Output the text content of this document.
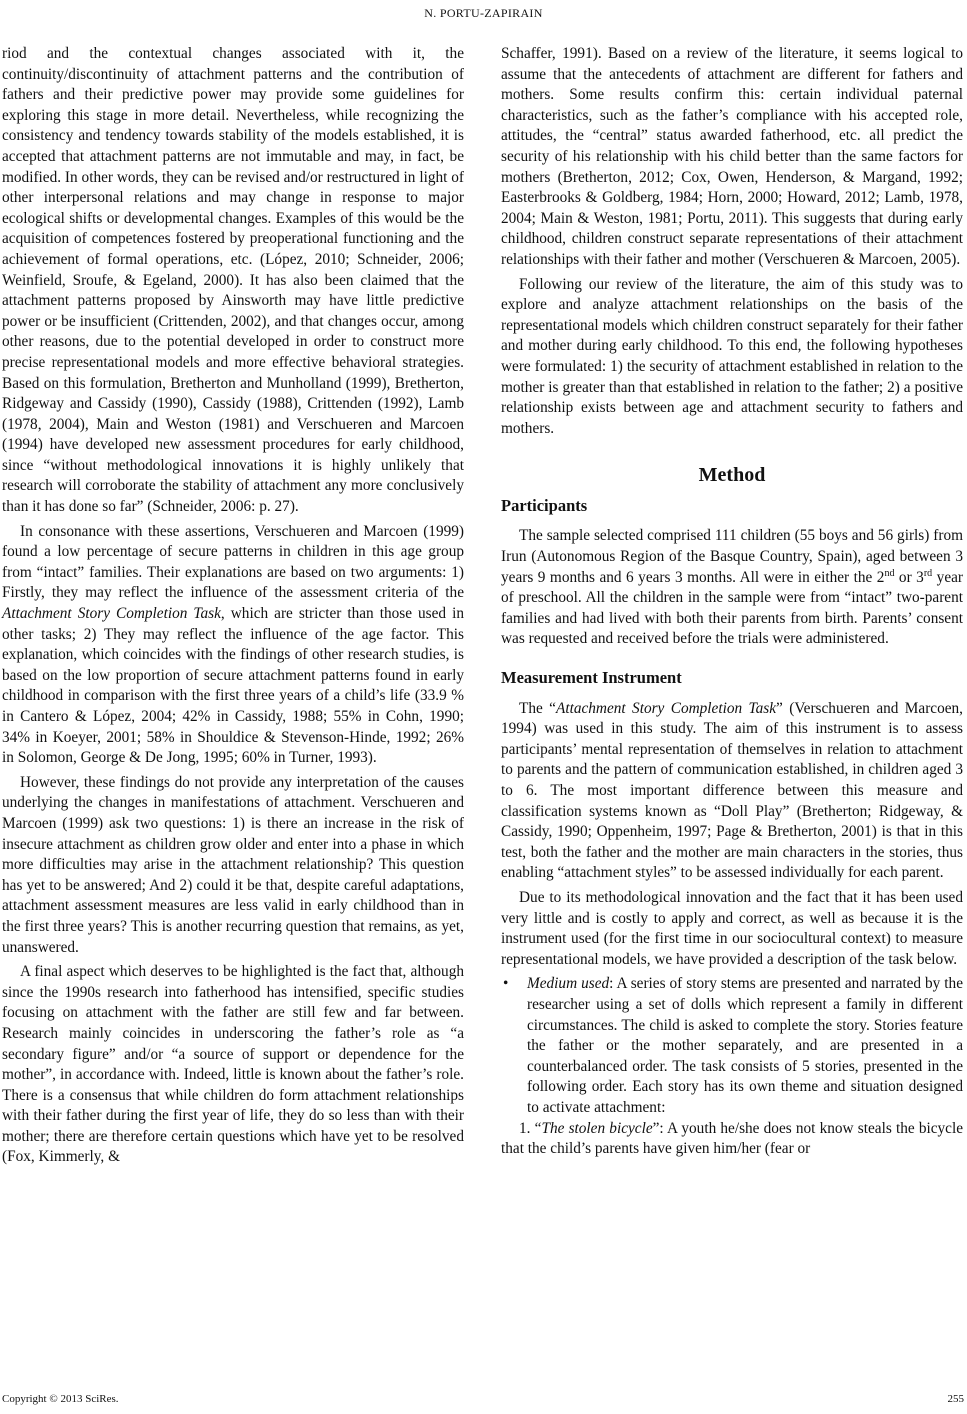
N. PORTU-ZAPIRAIN

riod and the contextual changes associated with it, the continuity/discontinuity of attachment patterns and the contribution of fathers and their predictive power may provide some guidelines for exploring this stage in more detail. Nevertheless, while recognizing the consistency and tendency towards stability of the models established, it is accepted that attachment patterns are not immutable and may, in fact, be modified. In other words, they can be revised and/or restructured in light of other interpersonal relations and may change in response to major ecological shifts or developmental changes. Examples of this would be the acquisition of competences fostered by preoperational functioning and the achievement of formal operations, etc. (López, 2010; Schneider, 2006; Weinfield, Sroufe, & Egeland, 2000). It has also been claimed that the attachment patterns proposed by Ainsworth may have little predictive power or be insufficient (Crittenden, 2002), and that changes occur, among other reasons, due to the potential developed in order to construct more precise representational models and more effective behavioral strategies. Based on this formulation, Bretherton and Munholland (1999), Bretherton, Ridgeway and Cassidy (1990), Cassidy (1988), Crittenden (1992), Lamb (1978, 2004), Main and Weston (1981) and Verschueren and Marcoen (1994) have developed new assessment procedures for early childhood, since “without methodological innovations it is highly unlikely that research will corroborate the stability of attachment any more conclusively than it has done so far” (Schneider, 2006: p. 27).

In consonance with these assertions, Verschueren and Marcoen (1999) found a low percentage of secure patterns in children in this age group from “intact” families. Their explanations are based on two arguments: 1) Firstly, they may reflect the influence of the assessment criteria of the Attachment Story Completion Task, which are stricter than those used in other tasks; 2) They may reflect the influence of the age factor. This explanation, which coincides with the findings of other research studies, is based on the low proportion of secure attachment patterns found in early childhood in comparison with the first three years of a child’s life (33.9 % in Cantero & López, 2004; 42% in Cassidy, 1988; 55% in Cohn, 1990; 34% in Koeyer, 2001; 58% in Shouldice & Stevenson-Hinde, 1992; 26% in Solomon, George & De Jong, 1995; 60% in Turner, 1993).

However, these findings do not provide any interpretation of the causes underlying the changes in manifestations of attachment. Verschueren and Marcoen (1999) ask two questions: 1) is there an increase in the risk of insecure attachment as children grow older and enter into a phase in which more difficulties may arise in the attachment relationship? This question has yet to be answered; And 2) could it be that, despite careful adaptations, attachment assessment measures are less valid in early childhood than in the first three years? This is another recurring question that remains, as yet, unanswered.

A final aspect which deserves to be highlighted is the fact that, although since the 1990s research into fatherhood has intensified, specific studies focusing on attachment with the father are still few and far between. Research mainly coincides in underscoring the father’s role as “a secondary figure” and/or “a source of support or dependence for the mother”, in accordance with. Indeed, little is known about the father’s role. There is a consensus that while children do form attachment relationships with their father during the first year of life, they do so less than with their mother; there are therefore certain questions which have yet to be resolved (Fox, Kimmerly, &

Schaffer, 1991). Based on a review of the literature, it seems logical to assume that the antecedents of attachment are different for fathers and mothers. Some results confirm this: certain individual paternal characteristics, such as the father’s compliance with his accepted role, attitudes, the “central” status awarded fatherhood, etc. all predict the security of his relationship with his child better than the same factors for mothers (Bretherton, 2012; Cox, Owen, Henderson, & Margand, 1992; Easterbrooks & Goldberg, 1984; Horn, 2000; Howard, 2012; Lamb, 1978, 2004; Main & Weston, 1981; Portu, 2011). This suggests that during early childhood, children construct separate representations of their attachment relationships with their father and mother (Verschueren & Marcoen, 2005).

Following our review of the literature, the aim of this study was to explore and analyze attachment relationships on the basis of the representational models which children construct separately for their father and mother during early childhood. To this end, the following hypotheses were formulated: 1) the security of attachment established in relation to the mother is greater than that established in relation to the father; 2) a positive relationship exists between age and attachment security to fathers and mothers.

Method
Participants

The sample selected comprised 111 children (55 boys and 56 girls) from Irun (Autonomous Region of the Basque Country, Spain), aged between 3 years 9 months and 6 years 3 months. All were in either the 2nd or 3rd year of preschool. All the children in the sample were from “intact” two-parent families and had lived with both their parents from birth. Parents’ consent was requested and received before the trials were administered.

Measurement Instrument

The “Attachment Story Completion Task” (Verschueren and Marcoen, 1994) was used in this study. The aim of this instrument is to assess participants’ mental representation of themselves in relation to attachment to parents and the pattern of communication established, in children aged 3 to 6. The most important difference between this measure and classification systems known as “Doll Play” (Bretherton; Ridgeway, & Cassidy, 1990; Oppenheim, 1997; Page & Bretherton, 2001) is that in this test, both the father and the mother are main characters in the stories, thus enabling “attachment styles” to be assessed individually for each parent.

Due to its methodological innovation and the fact that it has been used very little and is costly to apply and correct, as well as because it is the instrument used (for the first time in our sociocultural context) to measure representational models, we have provided a description of the task below.

• Medium used: A series of story stems are presented and narrated by the researcher using a set of dolls which represent a family in different circumstances. The child is asked to complete the story. Stories feature the father or the mother separately, and are presented in a counterbalanced order. The task consists of 5 stories, presented in the following order. Each story has its own theme and situation designed to activate attachment:

1. “The stolen bicycle”: A youth he/she does not know steals the bicycle that the child’s parents have given him/her (fear or

Copyright © 2013 SciRes.	255
